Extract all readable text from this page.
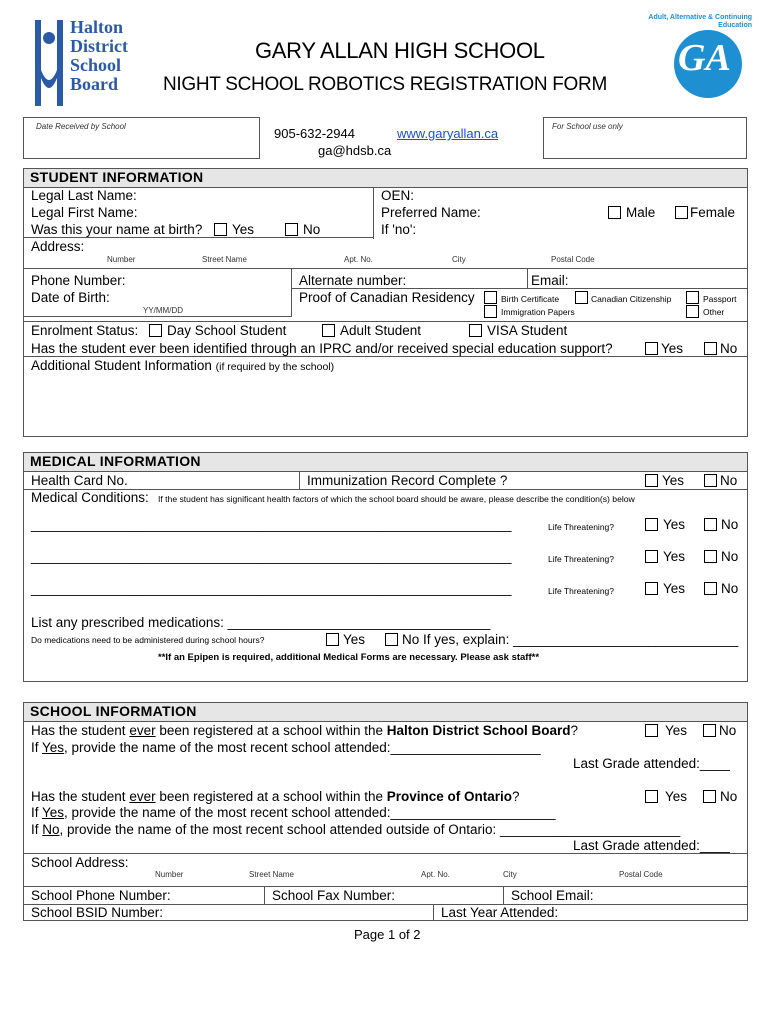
Halton
District
School
Board
GARY ALLAN HIGH SCHOOL
NIGHT SCHOOL ROBOTICS REGISTRATION FORM
GA
Adult, Alternative & Continuing Education
Date Received by School	905-632-2944	www.garyallan.ca
ga@hdsb.ca
For School use only
STUDENT INFORMATION
Legal Last Name:
Legal First Name:
Was this your name at birth? Yes	No
Address:
Number	Street Name	Apt. No.	City	Postal Code
OEN:
Preferred Name:
If 'no':
Male	Female
Phone Number:	Alternate number:	Email:
Date of Birth:
YY/MM/DD
Proof of Canadian Residency	Birth Certificate	Canadian Citizenship	Passport
Immigration Papers	Other
Enrolment Status: Day School Student	Adult Student	VISA Student
Has the student ever been identified through an IPRC and/or received special education support?	Yes	No
Additional Student Information (if required by the school)
MEDICAL INFORMATION
Health Card No.	Immunization Record Complete ?	Yes	No
Medical Conditions: If the student has significant health factors of which the school board should be aware, please describe the condition(s) below
________________________________________________________________	Life Threatening?	Yes	No
________________________________________________________________	Life Threatening?	Yes	No
________________________________________________________________	Life Threatening?	Yes	No
List any prescribed medications: ___________________________________
Do medications need to be administered during school hours?	Yes	No If yes, explain: ______________________________
**If an Epipen is required, additional Medical Forms are necessary. Please ask staff**
SCHOOL INFORMATION
Has the student ever been registered at a school within the Halton District School Board?	Yes No
If Yes, provide the name of the most recent school attended:____________________
Last Grade attended:____
Has the student ever been registered at a school within the Province of Ontario?	Yes No
If Yes, provide the name of the most recent school attended:______________________
If No, provide the name of the most recent school attended outside of Ontario: ________________________
Last Grade attended:____
School Address:
Number	Street Name	Apt. No.	City	Postal Code
School Phone Number:	School Fax Number:	School Email:
School BSID Number:	Last Year Attended:
Page 1 of 2
